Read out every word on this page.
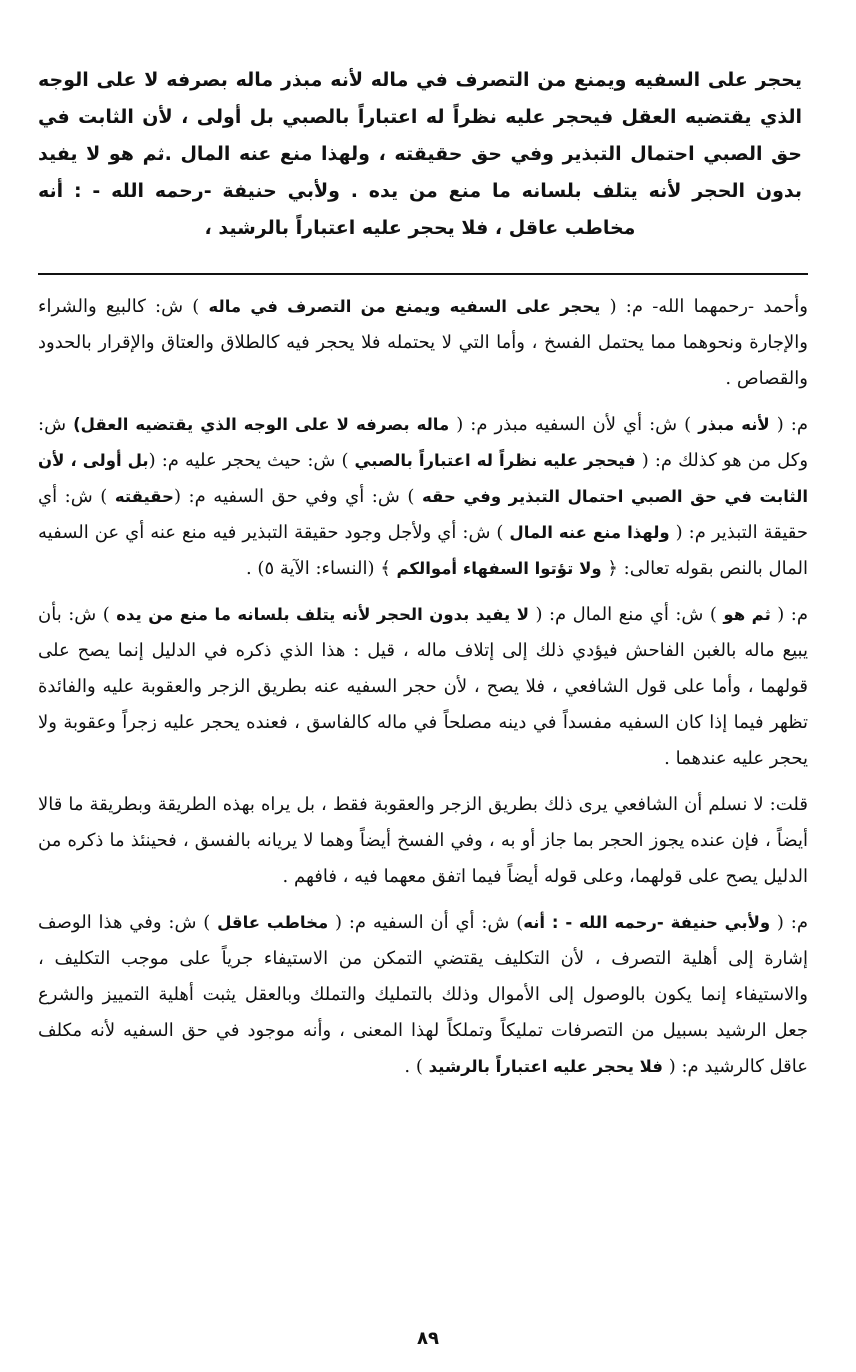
يحجر على السفيه ويمنع من التصرف في ماله لأنه مبذر ماله بصرفه لا على الوجه الذي يقتضيه العقل فيحجر عليه نظراً له اعتباراً بالصبي بل أولى ، لأن الثابت في حق الصبي احتمال التبذير وفي حق حقيقته ، ولهذا منع عنه المال .ثم هو لا يفيد بدون الحجر لأنه يتلف بلسانه ما منع من يده . ولأبي حنيفة -رحمه الله - : أنه مخاطب عاقل ، فلا يحجر عليه اعتباراً بالرشيد ،

وأحمد -رحمهما الله- م: ( يحجر على السفيه ويمنع من التصرف في ماله ) ش: كالبيع والشراء والإجارة ونحوهما مما يحتمل الفسخ ، وأما التي لا يحتمله فلا يحجر فيه كالطلاق والعتاق والإقرار بالحدود والقصاص .

م: ( لأنه مبذر ) ش: أي لأن السفيه مبذر م: ( ماله بصرفه لا على الوجه الذي يقتضيه العقل) ش: وكل من هو كذلك م: ( فيحجر عليه نظراً له اعتباراً بالصبي ) ش: حيث يحجر عليه م: (بل أولى ، لأن الثابت في حق الصبي احتمال التبذير وفي حقه ) ش: أي وفي حق السفيه م: (حقيقته ) ش: أي حقيقة التبذير م: ( ولهذا منع عنه المال ) ش: أي ولأجل وجود حقيقة التبذير فيه منع عنه أي عن السفيه المال بالنص بقوله تعالى: ﴿ ولا تؤتوا السفهاء أموالكم ﴾ (النساء: الآية ٥) .

م: ( ثم هو ) ش: أي منع المال م: ( لا يفيد بدون الحجر لأنه يتلف بلسانه ما منع من يده ) ش: بأن يبيع ماله بالغبن الفاحش فيؤدي ذلك إلى إتلاف ماله ، قيل : هذا الذي ذكره في الدليل إنما يصح على قولهما ، وأما على قول الشافعي ، فلا يصح ، لأن حجر السفيه عنه بطريق الزجر والعقوبة عليه والفائدة تظهر فيما إذا كان السفيه مفسداً في دينه مصلحاً في ماله كالفاسق ، فعنده يحجر عليه زجراً وعقوبة ولا يحجر عليه عندهما .

قلت: لا نسلم أن الشافعي يرى ذلك بطريق الزجر والعقوبة فقط ، بل يراه بهذه الطريقة وبطريقة ما قالا أيضاً ، فإن عنده يجوز الحجر بما جاز أو به ، وفي الفسخ أيضاً وهما لا يريانه بالفسق ، فحينئذ ما ذكره من الدليل يصح على قولهما، وعلى قوله أيضاً فيما اتفق معهما فيه ، فافهم .

م: ( ولأبي حنيفة -رحمه الله - : أنه) ش: أي أن السفيه م: ( مخاطب عاقل ) ش: وفي هذا الوصف إشارة إلى أهلية التصرف ، لأن التكليف يقتضي التمكن من الاستيفاء جرياً على موجب التكليف ، والاستيفاء إنما يكون بالوصول إلى الأموال وذلك بالتمليك والتملك وبالعقل يثبت أهلية التمييز والشرع جعل الرشيد بسبيل من التصرفات تمليكاً وتملكاً لهذا المعنى ، وأنه موجود في حق السفيه لأنه مكلف عاقل كالرشيد م: ( فلا يحجر عليه اعتباراً بالرشيد ) .

٨٩
